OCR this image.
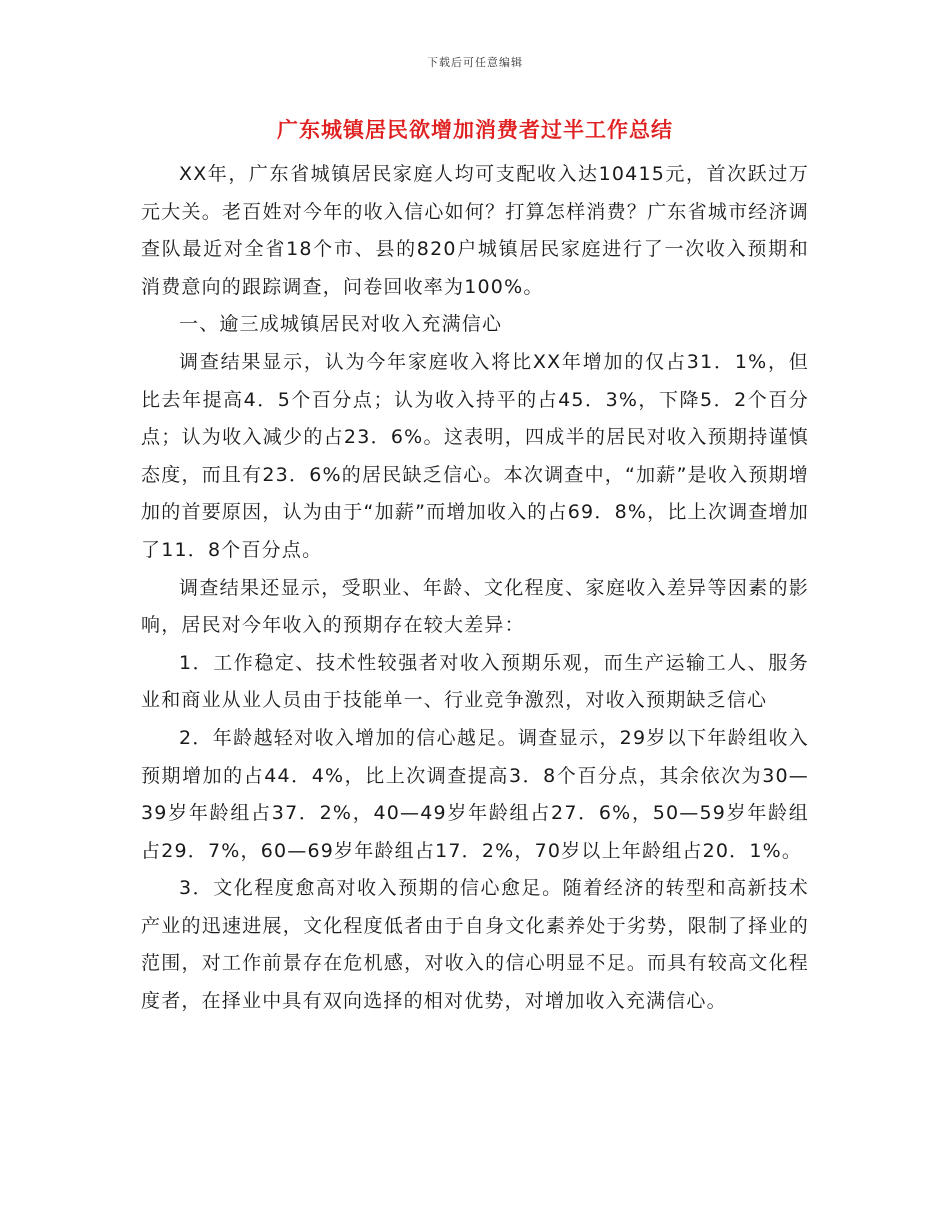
下载后可任意编辑
广东城镇居民欲增加消费者过半工作总结

XX年，广东省城镇居民家庭人均可支配收入达10415元，首次跃过万元大关。老百姓对今年的收入信心如何？打算怎样消费？广东省城市经济调查队最近对全省18个市、县的820户城镇居民家庭进行了一次收入预期和消费意向的跟踪调查，问卷回收率为100%。

一、逾三成城镇居民对收入充满信心

调查结果显示，认为今年家庭收入将比XX年增加的仅占31．1%，但比去年提高4．5个百分点；认为收入持平的占45．3%，下降5．2个百分点；认为收入减少的占23．6%。这表明，四成半的居民对收入预期持谨慎态度，而且有23．6%的居民缺乏信心。本次调查中，“加薪”是收入预期增加的首要原因，认为由于“加薪”而增加收入的占69．8%，比上次调查增加了11．8个百分点。

调查结果还显示，受职业、年龄、文化程度、家庭收入差异等因素的影响，居民对今年收入的预期存在较大差异：

1．工作稳定、技术性较强者对收入预期乐观，而生产运输工人、服务业和商业从业人员由于技能单一、行业竞争激烈，对收入预期缺乏信心

2．年龄越轻对收入增加的信心越足。调查显示，29岁以下年龄组收入预期增加的占44．4%，比上次调查提高3．8个百分点，其余依次为30—39岁年龄组占37．2%，40—49岁年龄组占27．6%，50—59岁年龄组占29．7%，60—69岁年龄组占17．2%，70岁以上年龄组占20．1%。

3．文化程度愈高对收入预期的信心愈足。随着经济的转型和高新技术产业的迅速进展，文化程度低者由于自身文化素养处于劣势，限制了择业的范围，对工作前景存在危机感，对收入的信心明显不足。而具有较高文化程度者，在择业中具有双向选择的相对优势，对增加收入充满信心。
